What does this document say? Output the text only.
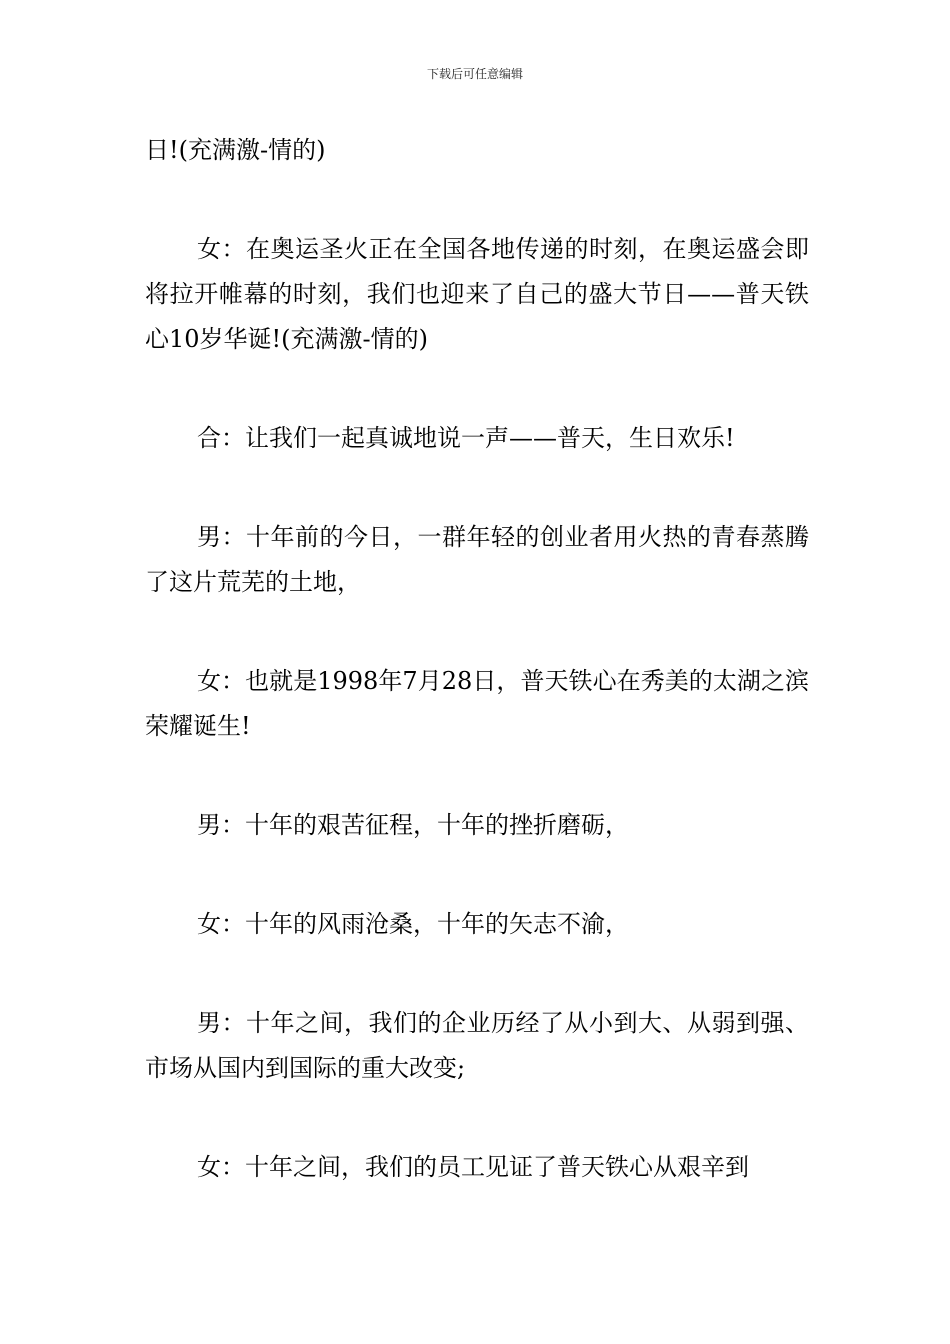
下载后可任意编辑

日!(充满激-情的)

女：在奥运圣火正在全国各地传递的时刻，在奥运盛会即将拉开帷幕的时刻，我们也迎来了自己的盛大节日——普天铁心10岁华诞!(充满激-情的)

合：让我们一起真诚地说一声——普天，生日欢乐!

男：十年前的今日，一群年轻的创业者用火热的青春蒸腾了这片荒芜的土地，

女：也就是1998年7月28日，普天铁心在秀美的太湖之滨荣耀诞生!

男：十年的艰苦征程，十年的挫折磨砺，

女：十年的风雨沧桑，十年的矢志不渝，

男：十年之间，我们的企业历经了从小到大、从弱到强、市场从国内到国际的重大改变;

女：十年之间，我们的员工见证了普天铁心从艰辛到
